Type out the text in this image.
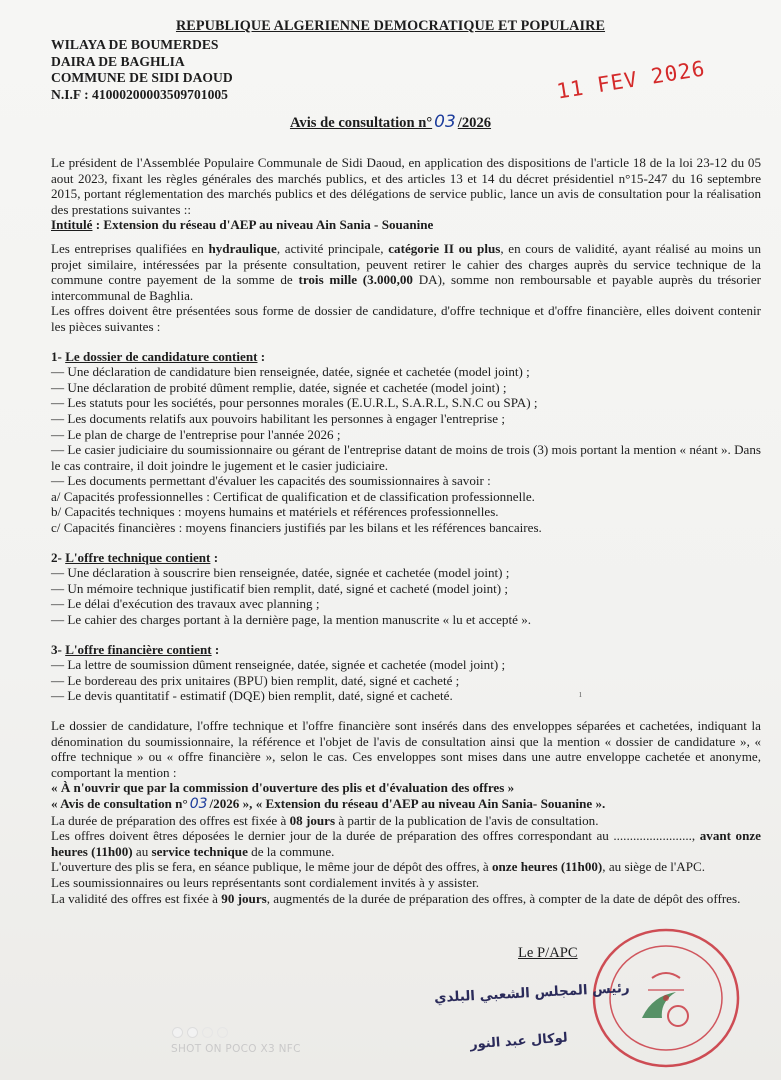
REPUBLIQUE ALGERIENNE DEMOCRATIQUE ET POPULAIRE
WILAYA DE BOUMERDES
DAIRA DE BAGHLIA
COMMUNE DE SIDI DAOUD
N.I.F : 41000200003509701005	11 FEV 2026
Avis de consultation n° 03 /2026

Le président de l'Assemblée Populaire Communale de Sidi Daoud, en application des dispositions de l'article 18 de la loi 23-12 du 05 aout 2023, fixant les règles générales des marchés publics, et des articles 13 et 14 du décret présidentiel n°15-247 du 16 septembre 2015, portant réglementation des marchés publics et des délégations de service public, lance un avis de consultation pour la réalisation des prestations suivantes ::

Intitulé : Extension du réseau d'AEP au niveau Ain Sania - Souanine

Les entreprises qualifiées en hydraulique, activité principale, catégorie II ou plus, en cours de validité, ayant réalisé au moins un projet similaire, intéressées par la présente consultation, peuvent retirer le cahier des charges auprès du service technique de la commune contre payement de la somme de trois mille (3.000,00 DA), somme non remboursable et payable auprès du trésorier intercommunal de Baghlia.

Les offres doivent être présentées sous forme de dossier de candidature, d'offre technique et d'offre financière, elles doivent contenir les pièces suivantes :

1- Le dossier de candidature contient :

— Une déclaration de candidature bien renseignée, datée, signée et cachetée (model joint) ;

— Une déclaration de probité dûment remplie, datée, signée et cachetée (model joint) ;

— Les statuts pour les sociétés, pour personnes morales (E.U.R.L, S.A.R.L, S.N.C ou SPA) ;

— Les documents relatifs aux pouvoirs habilitant les personnes à engager l'entreprise ;

— Le plan de charge de l'entreprise pour l'année 2026 ;

— Le casier judiciaire du soumissionnaire ou gérant de l'entreprise datant de moins de trois (3) mois portant la mention « néant ». Dans le cas contraire, il doit joindre le jugement et le casier judiciaire.

— Les documents permettant d'évaluer les capacités des soumissionnaires à savoir :

a/ Capacités professionnelles : Certificat de qualification et de classification professionnelle.

b/ Capacités techniques : moyens humains et matériels et références professionnelles.

c/ Capacités financières : moyens financiers justifiés par les bilans et les références bancaires.

2- L'offre technique contient :

— Une déclaration à souscrire bien renseignée, datée, signée et cachetée (model joint) ;

— Un mémoire technique justificatif bien remplit, daté, signé et cacheté (model joint) ;

— Le délai d'exécution des travaux avec planning ;

— Le cahier des charges portant à la dernière page, la mention manuscrite « lu et accepté ».

3- L'offre financière contient :

— La lettre de soumission dûment renseignée, datée, signée et cachetée (model joint) ;

— Le bordereau des prix unitaires (BPU) bien remplit, daté, signé et cacheté ;

— Le devis quantitatif - estimatif (DQE) bien remplit, daté, signé et cacheté.

Le dossier de candidature, l'offre technique et l'offre financière sont insérés dans des enveloppes séparées et cachetées, indiquant la dénomination du soumissionnaire, la référence et l'objet de l'avis de consultation ainsi que la mention « dossier de candidature », « offre technique » ou « offre financière », selon le cas. Ces enveloppes sont mises dans une autre enveloppe cachetée et anonyme, comportant la mention :

« À n'ouvrir que par la commission d'ouverture des plis et d'évaluation des offres »

« Avis de consultation n° 03 /2026 », « Extension du réseau d'AEP au niveau Ain Sania- Souanine ».

La durée de préparation des offres est fixée à 08 jours à partir de la publication de l'avis de consultation.

Les offres doivent êtres déposées le dernier jour de la durée de préparation des offres correspondant au ........................, avant onze heures (11h00) au service technique de la commune.

L'ouverture des plis se fera, en séance publique, le même jour de dépôt des offres, à onze heures (11h00), au siège de l'APC.

Les soumissionnaires ou leurs représentants sont cordialement invités à y assister.

La validité des offres est fixée à 90 jours, augmentés de la durée de préparation des offres, à compter de la date de dépôt des offres.

ı
Le P/APC
رئيس المجلس الشعبي البلدي
لوكال عبد النور
SHOT ON POCO X3 NFC
